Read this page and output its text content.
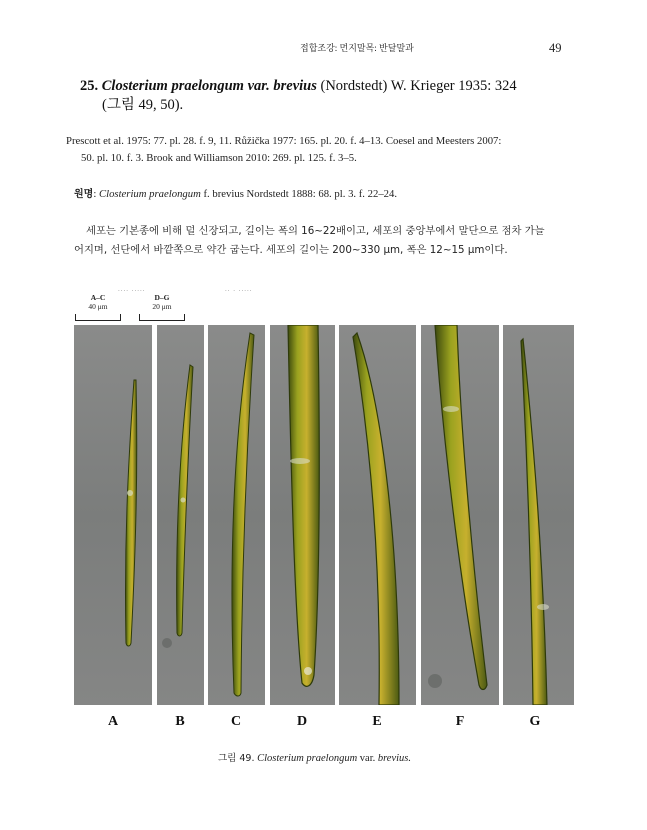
접합조강: 먼지말목: 반달말과	49
25. Closterium praelongum var. brevius (Nordstedt) W. Krieger 1935: 324
(그림 49, 50).
Prescott et al. 1975: 77. pl. 28. f. 9, 11. Růžička 1977: 165. pl. 20. f. 4–13. Coesel and Meesters 2007:
50. pl. 10. f. 3. Brook and Williamson 2010: 269. pl. 125. f. 3–5.
원명: Closterium praelongum f. brevius Nordstedt 1888: 68. pl. 3. f. 22–24.
세포는 기본종에 비해 덜 신장되고, 길이는 폭의 16~22배이고, 세포의 중앙부에서 말단으로 점차 가늘
어지며, 선단에서 바깥쪽으로 약간 굽는다. 세포의 길이는 200~330 μm, 폭은 12~15 μm이다.
A–C
40 μm
D–G
20 μm
.... .....	.. . .....
A	B	C	D	E	F	G
그림 49. Closterium praelongum var. brevius.
